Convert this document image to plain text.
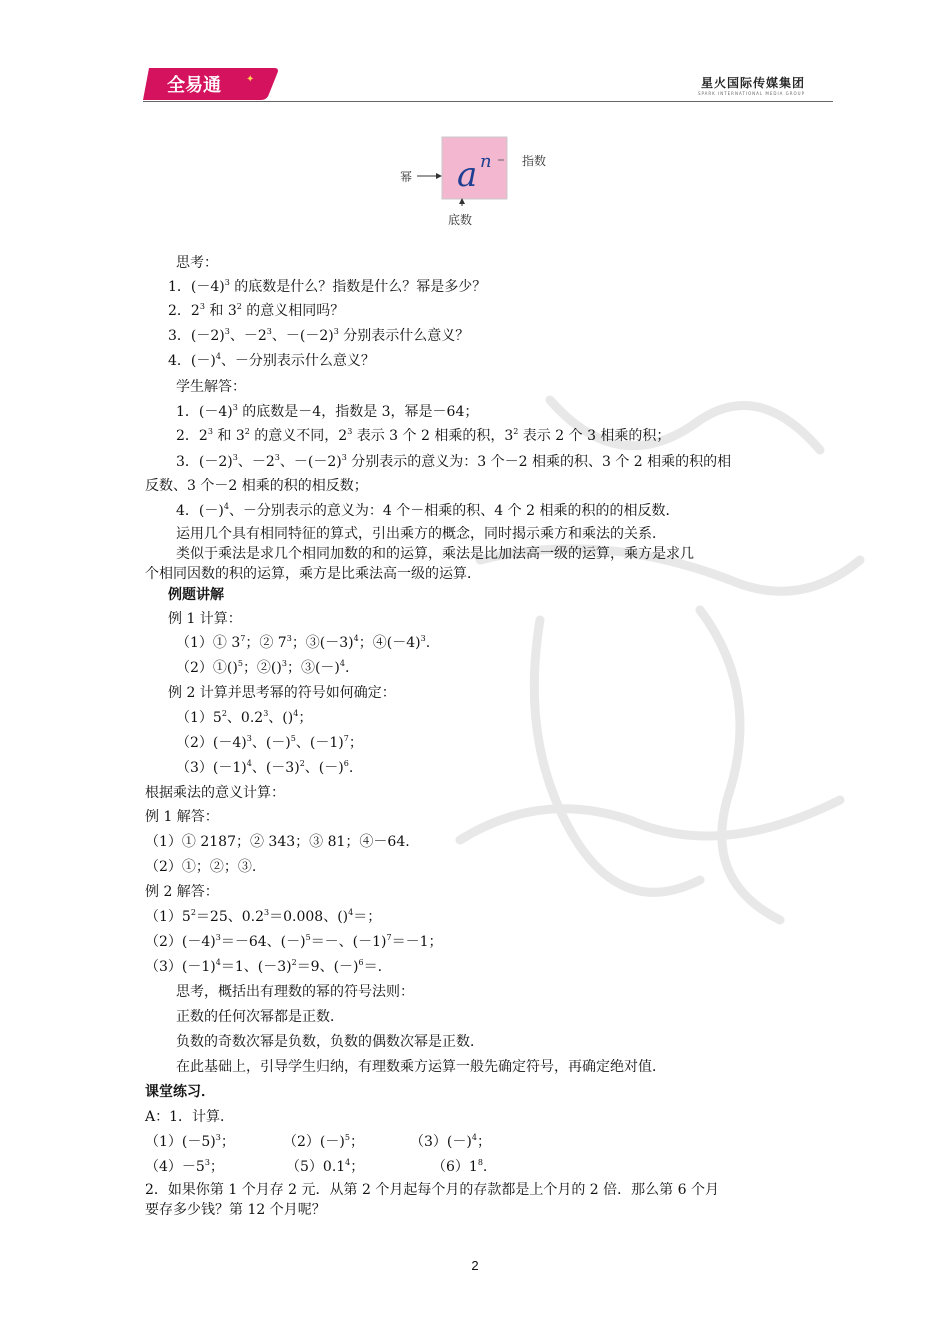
全易通	✦	星火国际传媒集团
SPARK INTERNATIONAL MEDIA GROUP
a n
幂
指数
底数
思考：
1．$(-4)^3$ 的底数是什么？指数是什么？幂是多少？
2．$2^3$ 和 $3^2$ 的意义相同吗？
3．$(-2)^3$、$-2^3$、$-(-2)^3$ 分别表示什么意义？
4．$(-)^4$、－分别表示什么意义？
学生解答：
1．$(-4)^3$ 的底数是－4，指数是 3，幂是－64；
2．$2^3$ 和 $3^2$ 的意义不同，$2^3$ 表示 3 个 2 相乘的积，$3^2$ 表示 2 个 3 相乘的积；
3．$(-2)^3$、$-2^3$、$-(-2)^3$ 分别表示的意义为：3 个－2 相乘的积、3 个 2 相乘的积的相
反数、3 个－2 相乘的积的相反数；
4．$(-)^4$、－分别表示的意义为：4 个－相乘的积、4 个 2 相乘的积的的相反数．
运用几个具有相同特征的算式，引出乘方的概念，同时揭示乘方和乘法的关系．
类似于乘法是求几个相同加数的和的运算，乘法是比加法高一级的运算，乘方是求几
个相同因数的积的运算，乘方是比乘法高一级的运算．
例题讲解
例 1 计算：
（1）① $3^7$；② $7^3$；$③(-3)^4$；$④(-4)^3$.
（2）①()$^5$；②()$^3$；$③(-)^4$.
例 2 计算并思考幂的符号如何确定：
$(1)5^2$、$0.2^3$、()$^4$；
$(2)(-4)^3$、$(-)^5$、$(-1)^7$；
$(3)(-1)^4$、$(-3)^2$、$(-)^6$.
根据乘法的意义计算：
例 1 解答：
（1）① 2187；② 343；③ 81；④－64.
（2）①；②；③.
例 2 解答：
$(1)5^2=25$、$0.2^3=0.008$、()$^4$＝；
$(2)(-4)^3=-64$、$(-)^5=-$、$(-1)^7=-1$；
$(3)(-1)^4=1$、$(-3)^2=9$、$(-)^6=$.
思考，概括出有理数的幂的符号法则：
正数的任何次幂都是正数．
负数的奇数次幂是负数，负数的偶数次幂是正数．
在此基础上，引导学生归纳，有理数乘方运算一般先确定符号，再确定绝对值．
课堂练习．
A：1．计算．
$(1)(-5)^3$；	$(2)(-)^5$；	$(3)(-)^4$；
$(4)-5^3$；	$(5)0.1^4$；	$(6)1^8$.
2．如果你第 1 个月存 2 元．从第 2 个月起每个月的存款都是上个月的 2 倍．那么第 6 个月
要存多少钱？第 12 个月呢？
2
